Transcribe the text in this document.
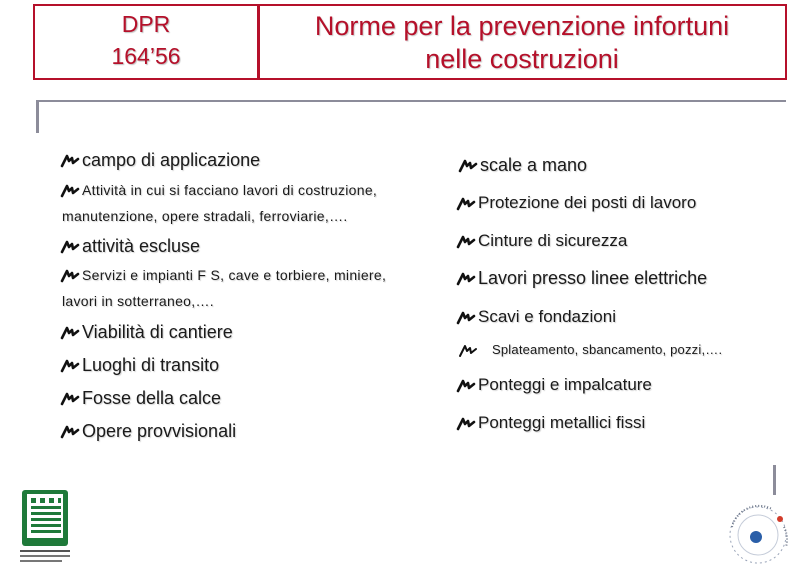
DPR
164’56
Norme per la prevenzione infortuni
nelle costruzioni
campo di applicazione
Attività in cui si facciano lavori di costruzione,
manutenzione, opere stradali, ferroviarie,….
attività escluse
Servizi e impianti F S, cave e torbiere, miniere,
lavori in sotterraneo,….
Viabilità di cantiere
Luoghi di transito
Fosse della calce
Opere provvisionali
scale a mano
Protezione dei posti di lavoro
Cinture di sicurezza
Lavori presso linee elettriche
Scavi e fondazioni
Splateamento, sbancamento, pozzi,….
Ponteggi e impalcature
Ponteggi metallici fissi
